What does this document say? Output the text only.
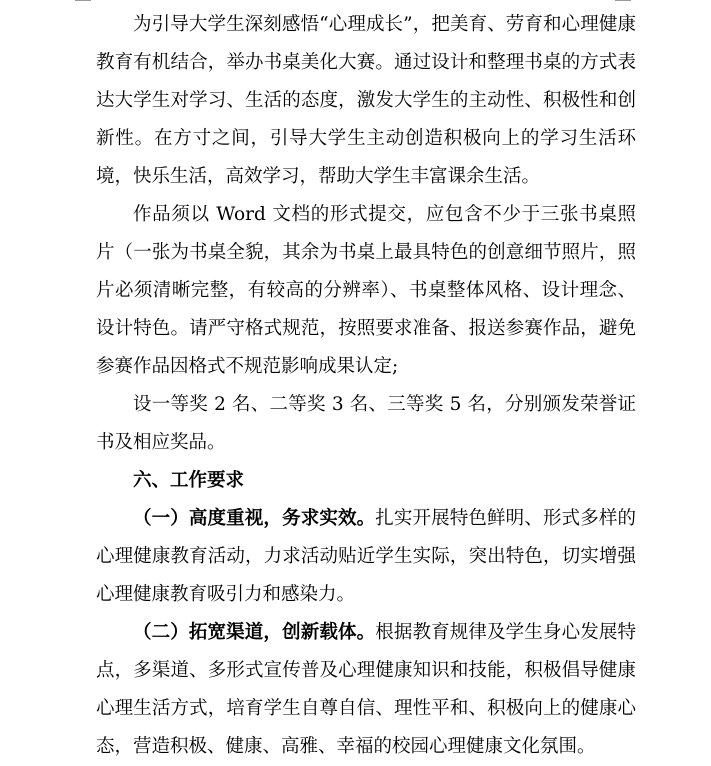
为引导大学生深刻感悟“心理成长”，把美育、劳育和心理健康教育有机结合，举办书桌美化大赛。通过设计和整理书桌的方式表达大学生对学习、生活的态度，激发大学生的主动性、积极性和创新性。在方寸之间，引导大学生主动创造积极向上的学习生活环境，快乐生活，高效学习，帮助大学生丰富课余生活。

作品须以 Word 文档的形式提交，应包含不少于三张书桌照片（一张为书桌全貌，其余为书桌上最具特色的创意细节照片，照片必须清晰完整，有较高的分辨率）、书桌整体风格、设计理念、设计特色。请严守格式规范，按照要求准备、报送参赛作品，避免参赛作品因格式不规范影响成果认定;

设一等奖 2 名、二等奖 3 名、三等奖 5 名，分别颁发荣誉证书及相应奖品。

六、工作要求

（一）高度重视，务求实效。扎实开展特色鲜明、形式多样的心理健康教育活动，力求活动贴近学生实际，突出特色，切实增强心理健康教育吸引力和感染力。

（二）拓宽渠道，创新载体。根据教育规律及学生身心发展特点，多渠道、多形式宣传普及心理健康知识和技能，积极倡导健康心理生活方式，培育学生自尊自信、理性平和、积极向上的健康心态，营造积极、健康、高雅、幸福的校园心理健康文化氛围。
